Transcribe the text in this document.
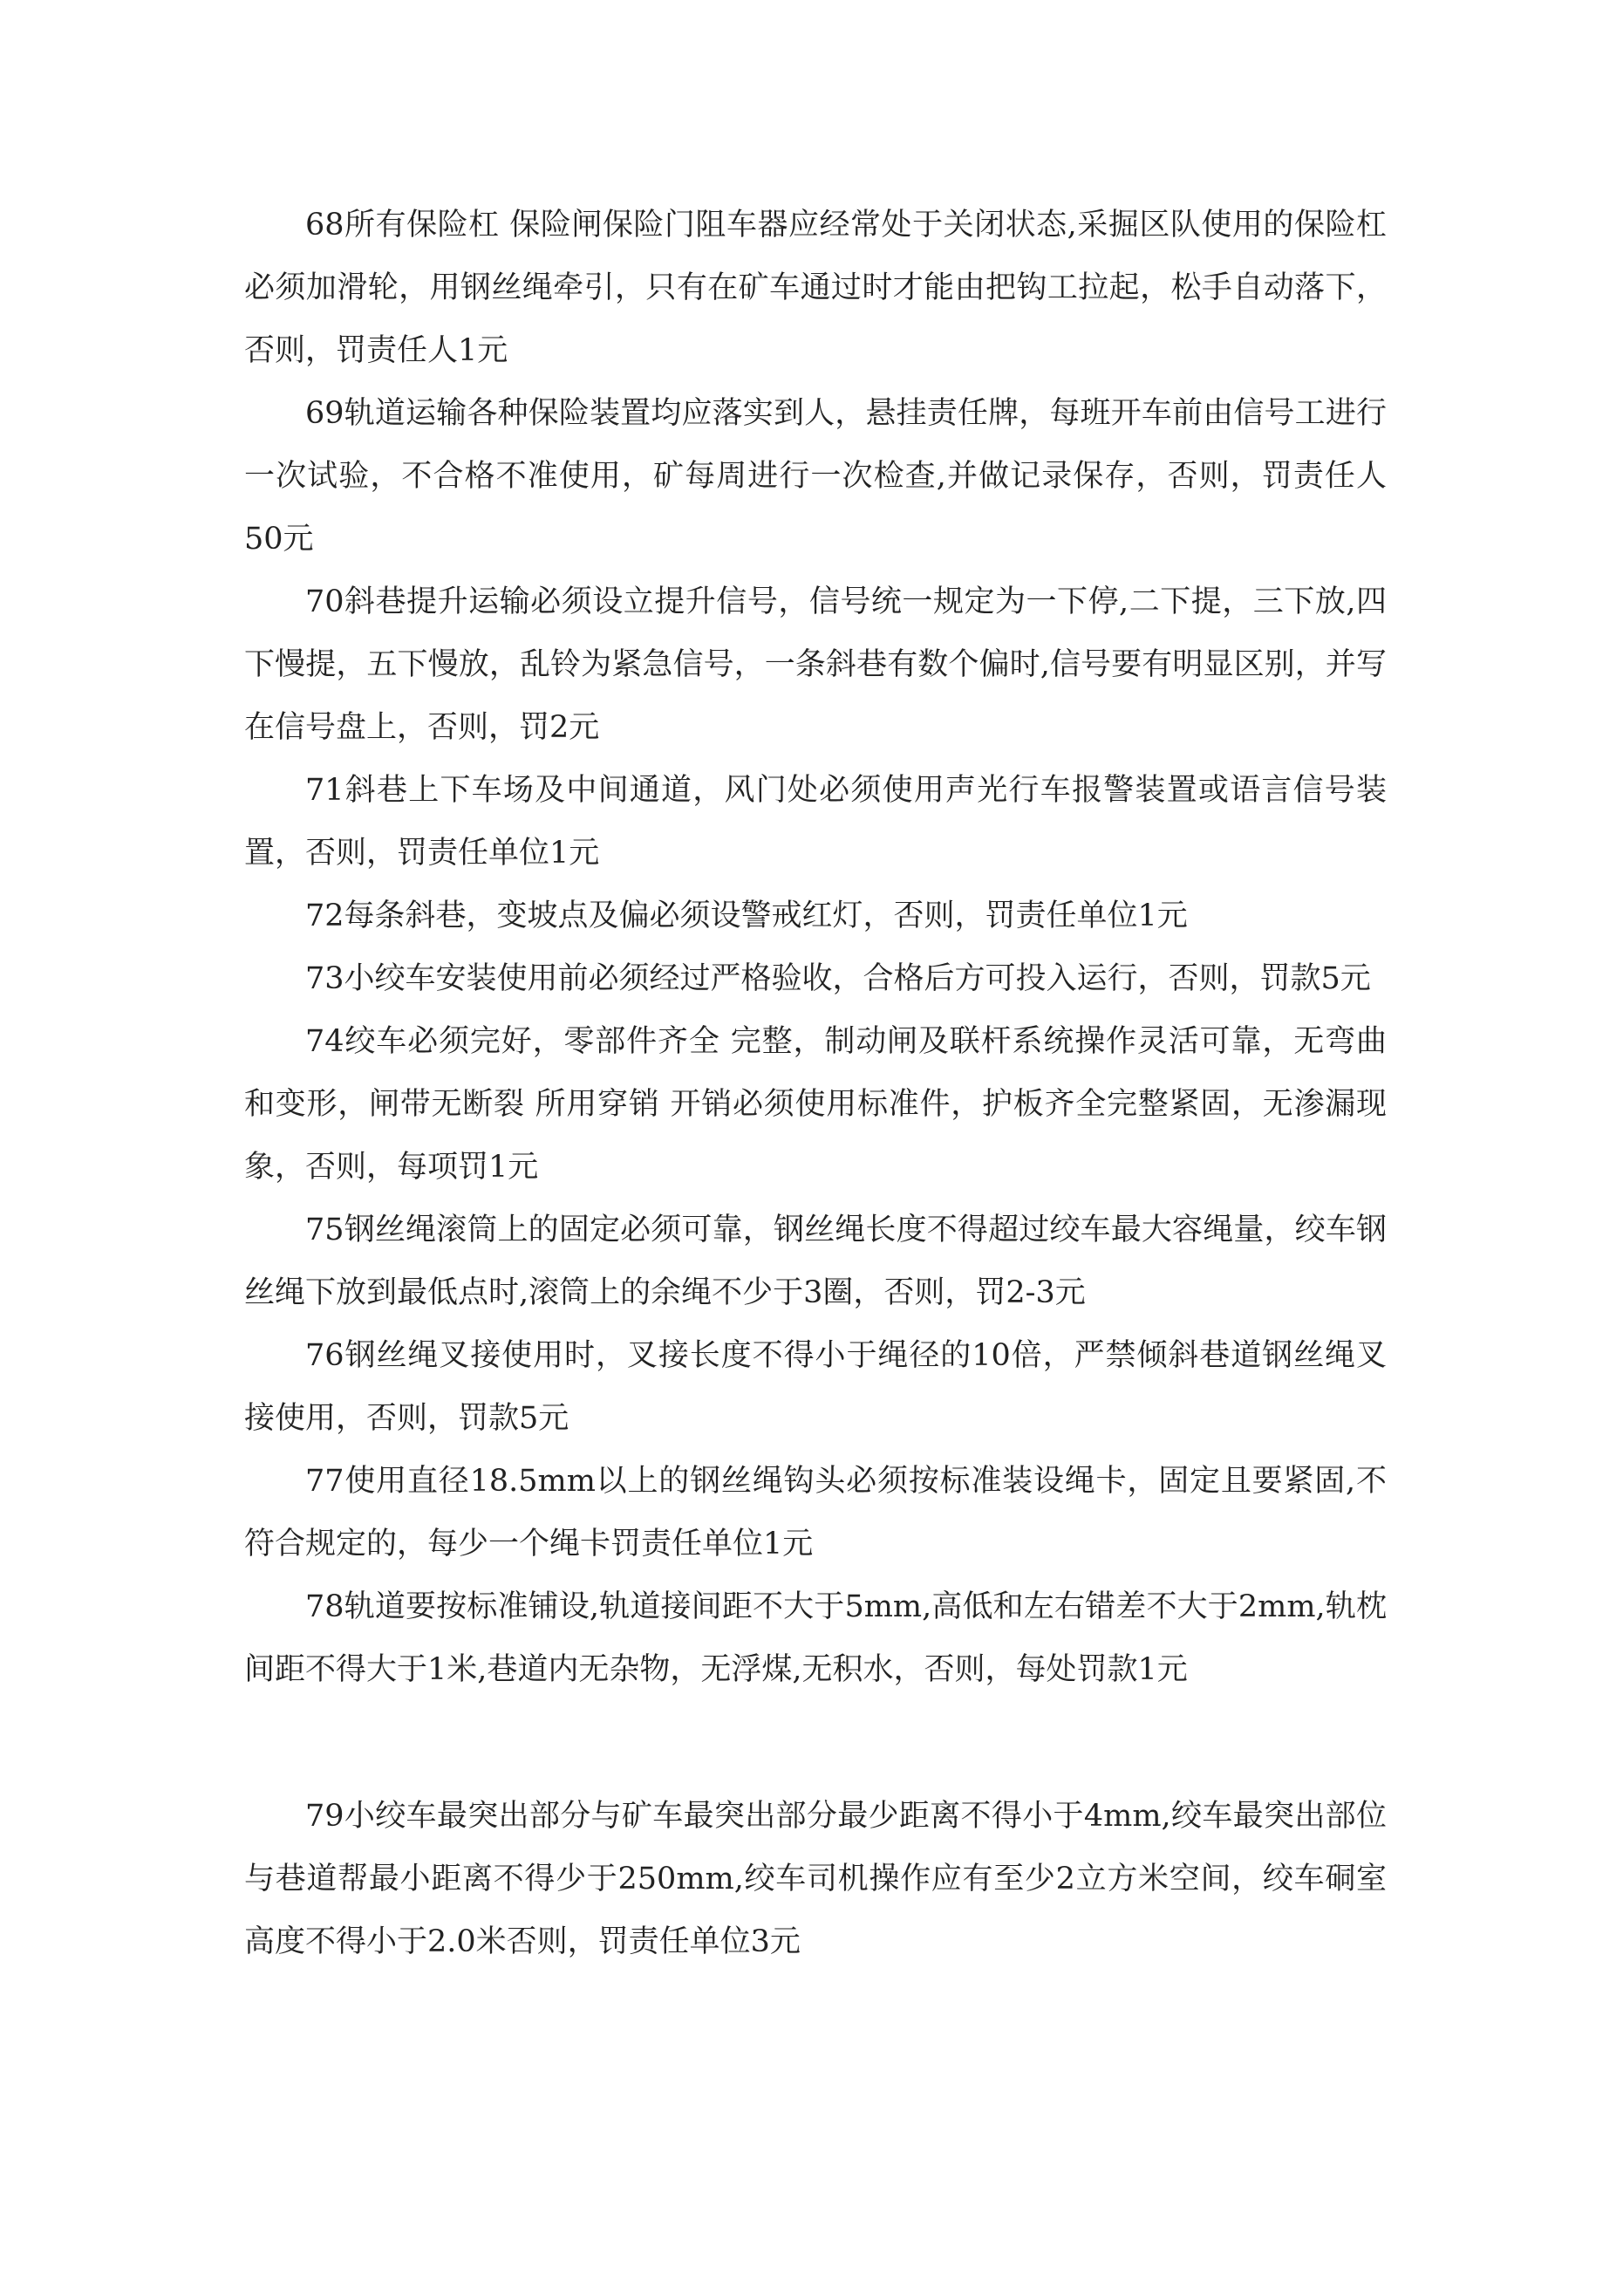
68所有保险杠 保险闸保险门阻车器应经常处于关闭状态,采掘区队使用的保险杠必须加滑轮，用钢丝绳牵引，只有在矿车通过时才能由把钩工拉起，松手自动落下，否则，罚责任人1元

69轨道运输各种保险装置均应落实到人，悬挂责任牌，每班开车前由信号工进行一次试验，不合格不准使用，矿每周进行一次检查,并做记录保存，否则，罚责任人50元

70斜巷提升运输必须设立提升信号，信号统一规定为一下停,二下提，三下放,四下慢提，五下慢放，乱铃为紧急信号，一条斜巷有数个偏时,信号要有明显区别，并写在信号盘上，否则，罚2元

71斜巷上下车场及中间通道，风门处必须使用声光行车报警装置或语言信号装置，否则，罚责任单位1元

72每条斜巷，变坡点及偏必须设警戒红灯，否则，罚责任单位1元

73小绞车安装使用前必须经过严格验收，合格后方可投入运行，否则，罚款5元

74绞车必须完好，零部件齐全 完整，制动闸及联杆系统操作灵活可靠，无弯曲和变形，闸带无断裂 所用穿销 开销必须使用标准件，护板齐全完整紧固，无渗漏现象，否则，每项罚1元

75钢丝绳滚筒上的固定必须可靠，钢丝绳长度不得超过绞车最大容绳量，绞车钢丝绳下放到最低点时,滚筒上的余绳不少于3圈，否则，罚2-3元

76钢丝绳叉接使用时，叉接长度不得小于绳径的10倍，严禁倾斜巷道钢丝绳叉接使用，否则，罚款5元

77使用直径18.5mm以上的钢丝绳钩头必须按标准装设绳卡，固定且要紧固,不符合规定的，每少一个绳卡罚责任单位1元

78轨道要按标准铺设,轨道接间距不大于5mm,高低和左右错差不大于2mm,轨枕间距不得大于1米,巷道内无杂物，无浮煤,无积水，否则，每处罚款1元

79小绞车最突出部分与矿车最突出部分最少距离不得小于4mm,绞车最突出部位与巷道帮最小距离不得少于250mm,绞车司机操作应有至少2立方米空间，绞车硐室高度不得小于2.0米否则，罚责任单位3元
